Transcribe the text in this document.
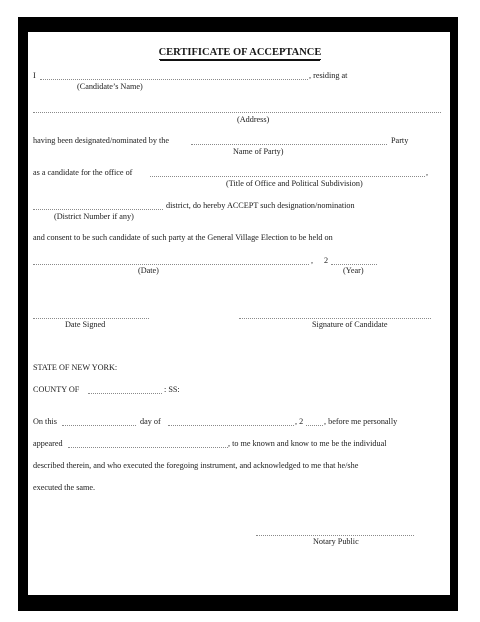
CERTIFICATE OF ACCEPTANCE
I	, residing at
(Candidate’s Name)
(Address)
having been designated/nominated by the	Party
Name of Party)
as a candidate for the office of	,
(Title of Office and Political Subdivision)
district, do hereby ACCEPT such designation/nomination
(District Number if any)
and consent to be such candidate of such party at the General Village Election to be held on
, 2
(Date)	(Year)
Date Signed	Signature of Candidate
STATE OF NEW YORK:
COUNTY OF	: SS:
On this	day of	, 2	, before me personally
appeared	, to me known and know to me be the individual
described therein, and who executed the foregoing instrument, and acknowledged to me that he/she
executed the same.
Notary Public
